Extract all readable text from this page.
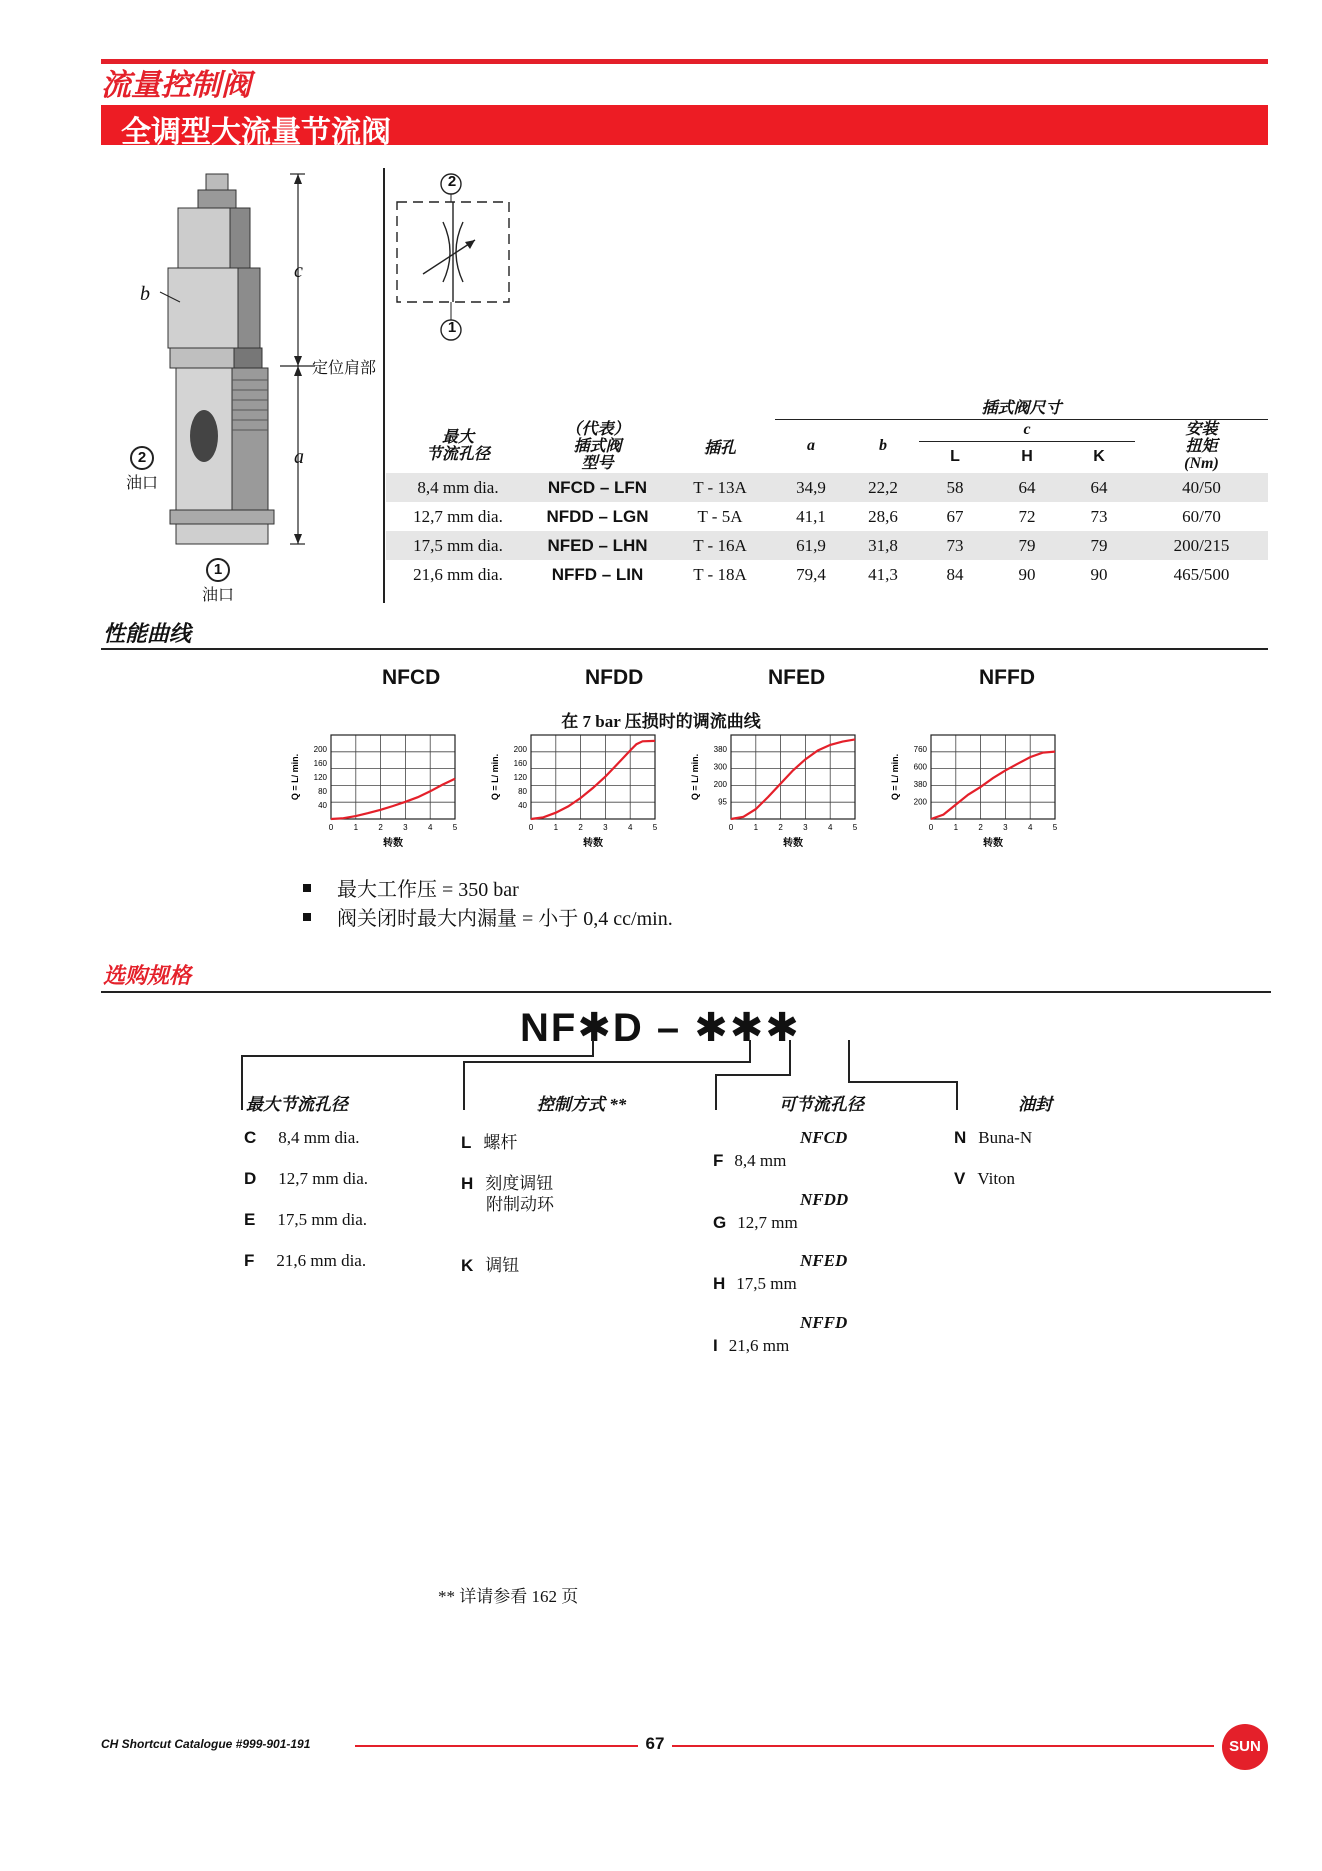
流量控制阀
全调型大流量节流阀
c
a
b
定位肩部
2
油口
1
油口
2
1
			插式阀尺寸					
最大
节流孔径	（代表）
插式阀
型号	插孔	a	b	c			安装
扭矩
(Nm)
					L	H	K	
8,4 mm dia.	NFCD – LFN	T - 13A	34,9	22,2	58	64	64	40/50
12,7 mm dia.	NFDD – LGN	T - 5A	41,1	28,6	67	72	73	60/70
17,5 mm dia.	NFED – LHN	T - 16A	61,9	31,8	73	79	79	200/215
21,6 mm dia.	NFFD – LIN	T - 18A	79,4	41,3	84	90	90	465/500
性能曲线
NFCD	NFDD	NFED	NFFD
在 7 bar 压损时的调流曲线
0	1	2	3	4	5
40
80
120
160
200
转数
Q = L/ min.
0	1	2	3	4	5
40
80
120
160
200
转数
Q = L/ min.
0	1	2	3	4	5
95
200
300
380
转数
Q = L/ min.
0	1	2	3	4	5
200
380
600
760
转数
Q = L/ min.
最大工作压 = 350 bar
阀关闭时最大内漏量 = 小于 0,4 cc/min.
选购规格
NF✱D – ✱✱✱
最大节流孔径
C 8,4 mm dia.
D 12,7 mm dia.
E 17,5 mm dia.
F 21,6 mm dia.
控制方式 **
L 螺杆
H 刻度调钮
附制动环
K 调钮
可节流孔径
NFCD
F 8,4 mm
NFDD
G 12,7 mm
NFED
H 17,5 mm
NFFD
I 21,6 mm
油封
N Buna-N
V Viton
** 详请参看 162 页
CH Shortcut Catalogue #999-901-191	67	SUN
